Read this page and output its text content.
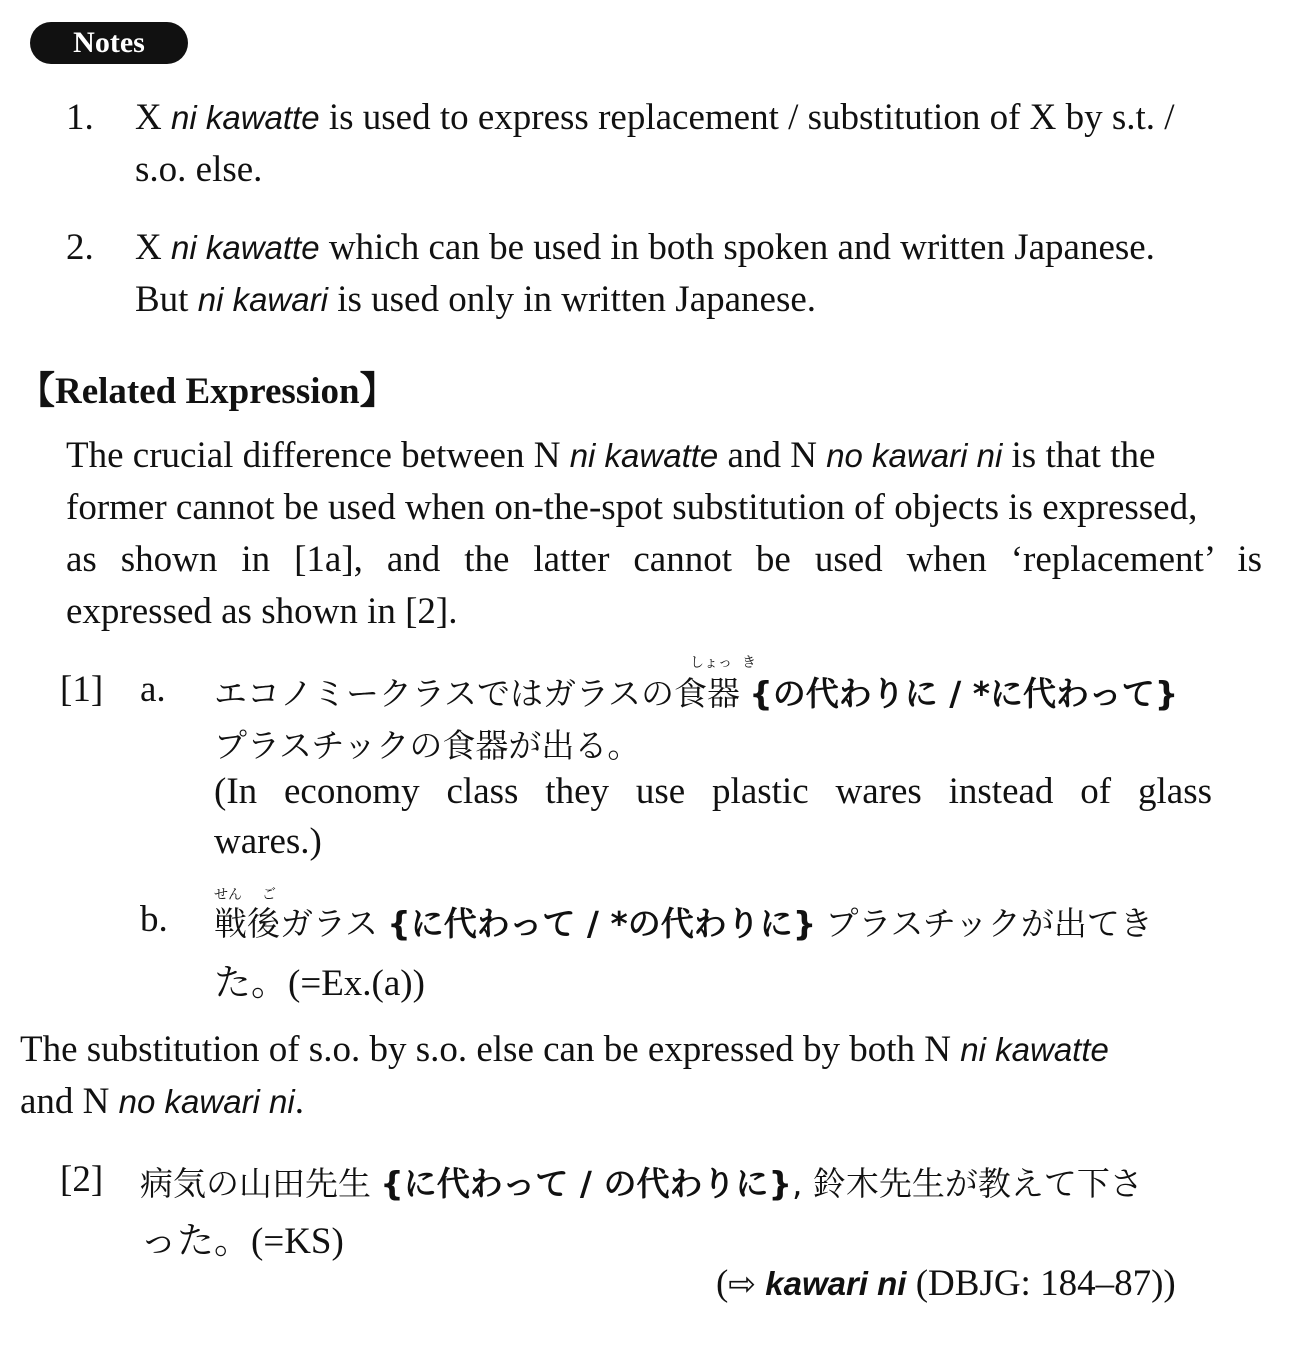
Notes
1. X ni kawatte is used to express replacement / substitution of X by s.t. /
s.o. else.
2. X ni kawatte which can be used in both spoken and written Japanese.
But ni kawari is used only in written Japanese.
【Related Expression】
The crucial difference between N ni kawatte and N no kawari ni is that the
former cannot be used when on-the-spot substitution of objects is expressed,
as shown in [1a], and the latter cannot be used when ‘replacement’ is
expressed as shown in [2].
[1] a.
しょっ き
エコノミークラスではガラスの食器 {の代わりに / *に代わって}
プラスチックの食器が出る。
(In economy class they use plastic wares instead of glass
wares.)
b.
せん ご
戦後ガラス {に代わって / *の代わりに} プラスチックが出てき
た。(=Ex.(a))
The substitution of s.o. by s.o. else can be expressed by both N ni kawatte
and N no kawari ni.
[2] 病気の山田先生 {に代わって / の代わりに}, 鈴木先生が教えて下さ
った。(=KS)
(⇨ kawari ni (DBJG: 184–87))
